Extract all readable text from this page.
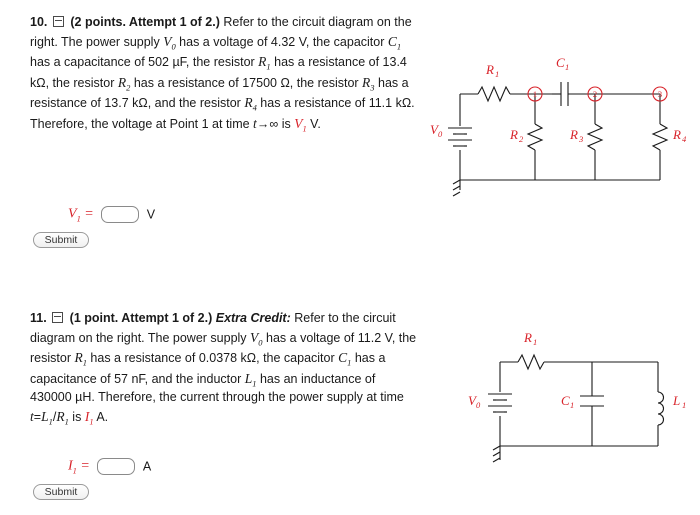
10. (2 points. Attempt 1 of 2.) Refer to the circuit diagram on the right. The power supply $V_0$ has a voltage of 4.32 V, the capacitor $C_1$ has a capacitance of 502 µF, the resistor $R_1$ has a resistance of 13.4 kΩ, the resistor $R_2$ has a resistance of 17500 Ω, the resistor $R_3$ has a resistance of 13.7 kΩ, and the resistor $R_4$ has a resistance of 11.1 kΩ. Therefore, the voltage at Point 1 at time t→∞ is $V_1$ V.
1	2	3
R 1
C 1
V 0	R 2	R 3	R 4
$V_1$ =	V
Submit
11. (1 point. Attempt 1 of 2.) Extra Credit: Refer to the circuit diagram on the right. The power supply $V_0$ has a voltage of 11.2 V, the resistor $R_1$ has a resistance of 0.0378 kΩ, the capacitor $C_1$ has a capacitance of 57 nF, and the inductor $L_1$ has an inductance of 430000 µH. Therefore, the current through the power supply at time $t=L_1/R_1$ is $I_1$ A.
R 1
V 0	C 1	L 1
$I_1$ =	A
Submit
